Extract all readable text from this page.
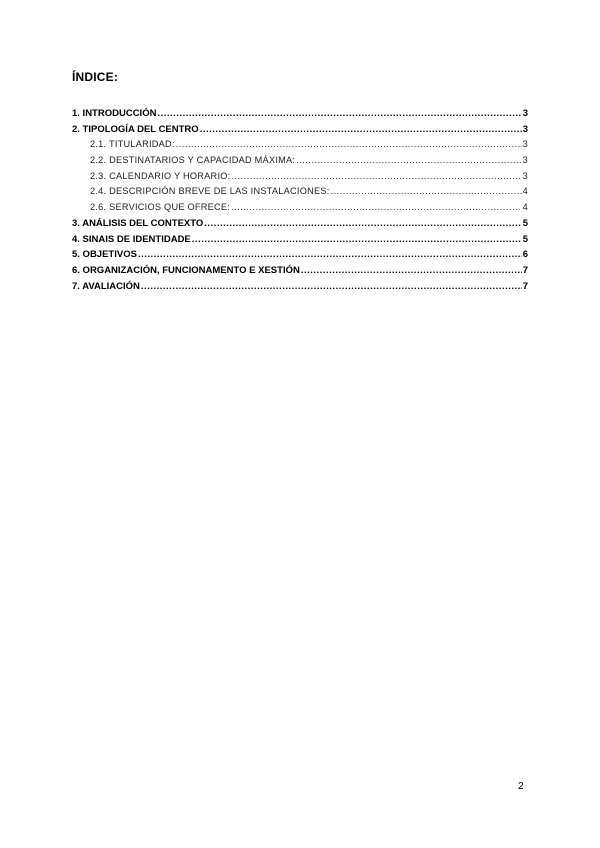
ÍNDICE:
1. INTRODUCCIÓN .....	3
2. TIPOLOGÍA DEL CENTRO .....	3
2.1. TITULARIDAD: .....	3
2.2. DESTINATARIOS Y CAPACIDAD MÁXIMA: .....	3
2.3. CALENDARIO Y HORARIO: .....	3
2.4. DESCRIPCIÓN BREVE DE LAS INSTALACIONES: .....	4
2.6. SERVICIOS QUE OFRECE: .....	4
3. ANÁLISIS DEL CONTEXTO .....	5
4. SINAIS DE IDENTIDADE .....	5
5. OBJETIVOS .....	6
6. ORGANIZACIÓN, FUNCIONAMENTO E XESTIÓN .....	7
7. AVALIACIÓN .....	7
2
